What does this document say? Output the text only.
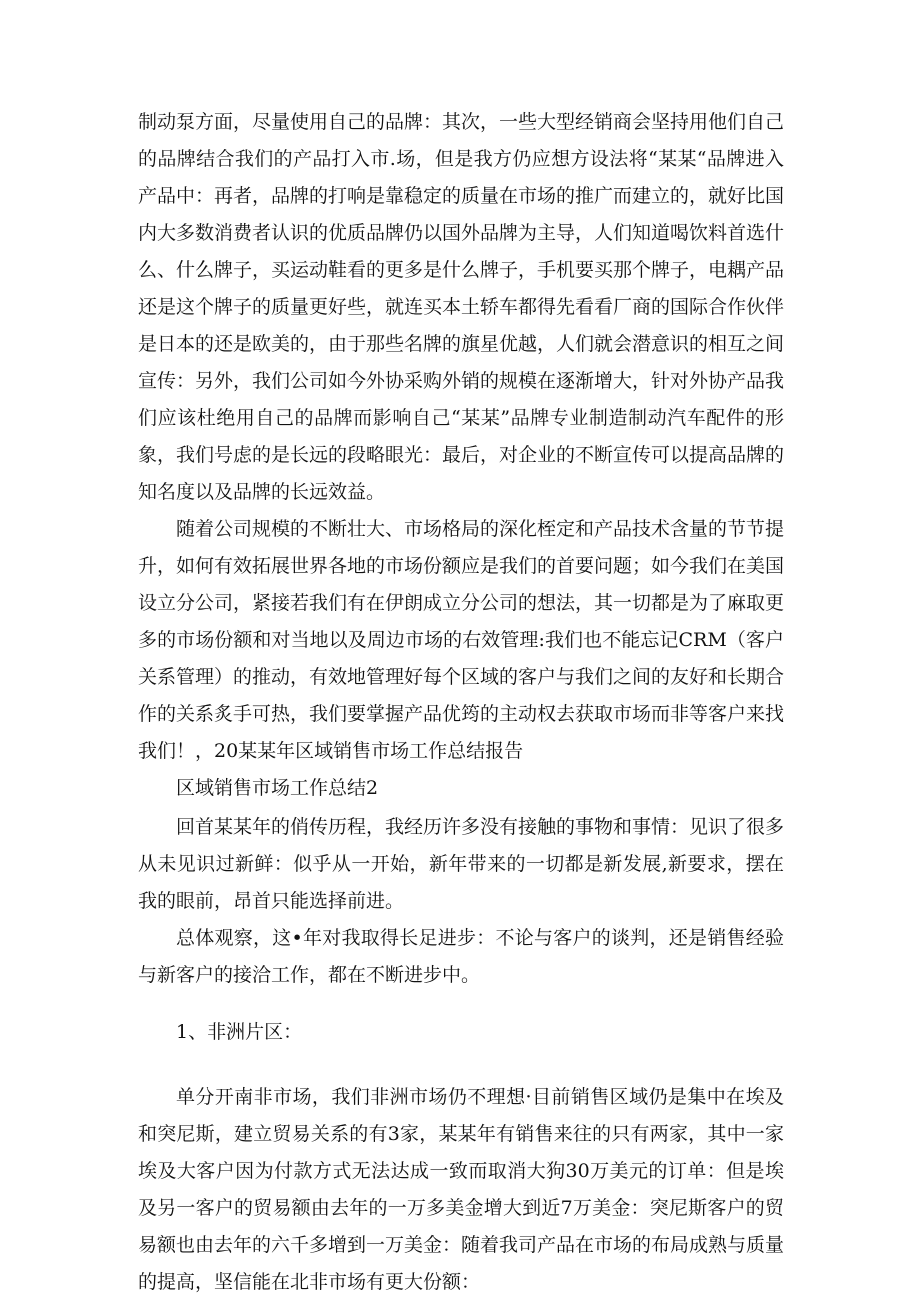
制动泵方面，尽量使用自己的品牌：其次，一些大型经销商会坚持用他们自己的品牌结合我们的产品打入市.场，但是我方仍应想方设法将“某某“品牌进入产品中：再者，品牌的打响是靠稳定的质量在市场的推广而建立的，就好比国内大多数消费者认识的优质品牌仍以国外品牌为主导，人们知道喝饮料首选什么、什么牌子，买运动鞋看的更多是什么牌子，手机要买那个牌子，电耦产品还是这个牌子的质量更好些，就连买本土轿车都得先看看厂商的国际合作伙伴是日本的还是欧美的，由于那些名牌的旗星优越，人们就会潜意识的相互之间宣传：另外，我们公司如今外协采购外销的规模在逐渐增大，针对外协产品我们应该杜绝用自己的品牌而影响自己“某某”品牌专业制造制动汽车配件的形象，我们号虑的是长远的段略眼光：最后，对企业的不断宣传可以提高品牌的知名度以及品牌的长远效益。

随着公司规模的不断壮大、市场格局的深化桎定和产品技术含量的节节提升，如何有效拓展世界各地的市场份额应是我们的首要问题；如今我们在美国设立分公司，紧接若我们有在伊朗成立分公司的想法，其一切都是为了麻取更多的市场份额和对当地以及周边市场的右效管理:我们也不能忘记CRM（客户关系管理）的推动，有效地管理好每个区域的客户与我们之间的友好和长期合作的关系炙手可热，我们要掌握产品优筠的主动权去获取市场而非等客户来找我们！，20某某年区域销售市场工作总结报告

区域销售市场工作总结2

回首某某年的俏传历程，我经历许多没有接触的事物和事情：见识了很多从未见识过新鲜：似乎从一开始，新年带来的一切都是新发展,新要求，摆在我的眼前，昂首只能选择前进。

总体观察，这•年对我取得长足进步：不论与客户的谈判，还是销售经验与新客户的接洽工作，都在不断进步中。

1、非洲片区：

单分开南非市场，我们非洲市场仍不理想·目前销售区域仍是集中在埃及和突尼斯，建立贸易关系的有3家，某某年有销售来往的只有两家，其中一家埃及大客户因为付款方式无法达成一致而取消大狗30万美元的订单：但是埃及另一客户的贸易额由去年的一万多美金增大到近7万美金：突尼斯客户的贸易额也由去年的六千多增到一万美金：随着我司产品在市场的布局成熟与质量的提高，坚信能在北非市场有更大份额：
